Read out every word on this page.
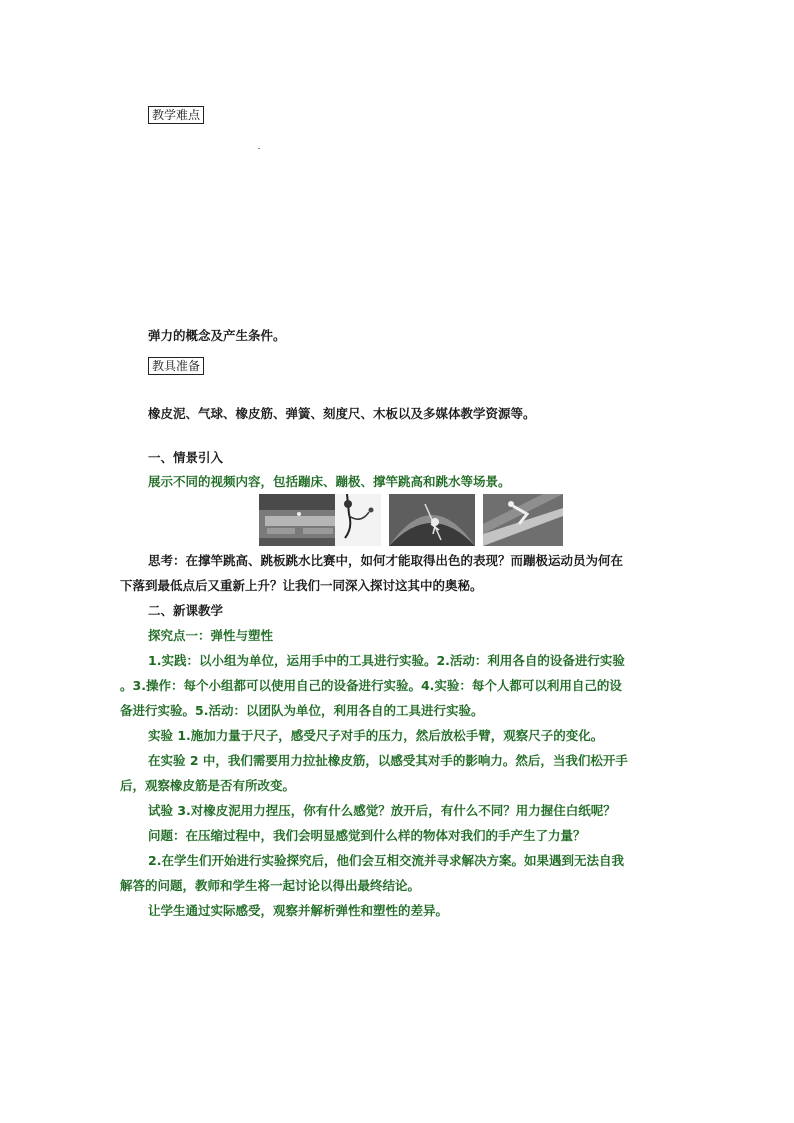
教学难点

弹力的概念及产生条件。

教具准备

橡皮泥、气球、橡皮筋、弹簧、刻度尺、木板以及多媒体教学资源等。

一、情景引入

展示不同的视频内容，包括蹦床、蹦极、撑竿跳高和跳水等场景。

思考：在撑竿跳高、跳板跳水比赛中，如何才能取得出色的表现？而蹦极运动员为何在

下落到最低点后又重新上升？让我们一同深入探讨这其中的奥秘。

二、新课教学

探究点一：弹性与塑性

1.实践：以小组为单位，运用手中的工具进行实验。2.活动：利用各自的设备进行实验

。3.操作：每个小组都可以使用自己的设备进行实验。4.实验：每个人都可以利用自己的设

备进行实验。5.活动：以团队为单位，利用各自的工具进行实验。

实验 1.施加力量于尺子，感受尺子对手的压力，然后放松手臂，观察尺子的变化。

在实验 2 中，我们需要用力拉扯橡皮筋，以感受其对手的影响力。然后，当我们松开手

后，观察橡皮筋是否有所改变。

试验 3.对橡皮泥用力捏压，你有什么感觉？放开后，有什么不同？用力握住白纸呢？

问题：在压缩过程中，我们会明显感觉到什么样的物体对我们的手产生了力量？

2.在学生们开始进行实验探究后，他们会互相交流并寻求解决方案。如果遇到无法自我

解答的问题，教师和学生将一起讨论以得出最终结论。

让学生通过实际感受，观察并解析弹性和塑性的差异。
